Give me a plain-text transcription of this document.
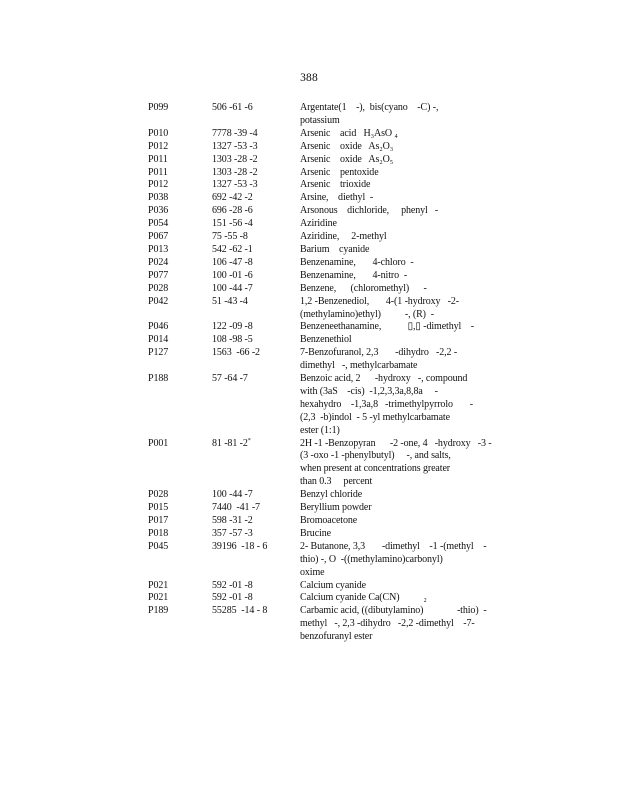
388
P099	506 -61 -6	Argentate(1    -),  bis(cyano    -C) -,
potassium
P010	7778 -39 -4	Arsenic    acid   H₃AsO ₄
P012	1327 -53 -3	Arsenic    oxide   As₂O₃
P011	1303 -28 -2	Arsenic    oxide   As₂O₅
P011	1303 -28 -2	Arsenic    pentoxide
P012	1327 -53 -3	Arsenic    trioxide
P038	692 -42 -2	Arsine,    diethyl  -
P036	696 -28 -6	Arsonous    dichloride,     phenyl   -
P054	151 -56 -4	Aziridine
P067	75 -55 -8	Aziridine,     2-methyl
P013	542 -62 -1	Barium    cyanide
P024	106 -47 -8	Benzenamine,       4-chloro  -
P077	100 -01 -6	Benzenamine,       4-nitro  -
P028	100 -44 -7	Benzene,      (chloromethyl)      -
P042	51 -43 -4	1,2 -Benzenediol,       4-(1 -hydroxy   -2-
(methylamino)ethyl)          -, (R)  -
P046	122 -09 -8	Benzeneethanamine,           ▯,▯ -dimethyl    -
P014	108 -98 -5	Benzenethiol
P127	1563  -66 -2	7-Benzofuranol, 2,3       -dihydro   -2,2 -
dimethyl   -, methylcarbamate
P188	57 -64 -7	Benzoic acid, 2      -hydroxy   -, compound
with (3aS    -cis)  -1,2,3,3a,8,8a     -
hexahydro    -1,3a,8   -trimethylpyrrolo       -
(2,3  -b)indol  - 5 -yl methylcarbamate
ester (1:1)
P001	81 -81 -2*	2H -1 -Benzopyran      -2 -one, 4   -hydroxy   -3 -
(3 -oxo -1 -phenylbutyl)     -, and salts,
when present at concentrations greater
than 0.3     percent
P028	100 -44 -7	Benzyl chloride
P015	7440  -41 -7	Beryllium powder
P017	598 -31 -2	Bromoacetone
P018	357 -57 -3	Brucine
P045	39196  -18 - 6	2- Butanone, 3,3       -dimethyl    -1 -(methyl    -
thio) -, O  -((methylamino)carbonyl)
oxime
P021	592 -01 -8	Calcium cyanide
P021	592 -01 -8	Calcium cyanide Ca(CN)          ₂
P189	55285  -14 - 8	Carbamic acid, ((dibutylamino)              -thio)  -
methyl   -, 2,3 -dihydro   -2,2 -dimethyl    -7-
benzofuranyl ester
